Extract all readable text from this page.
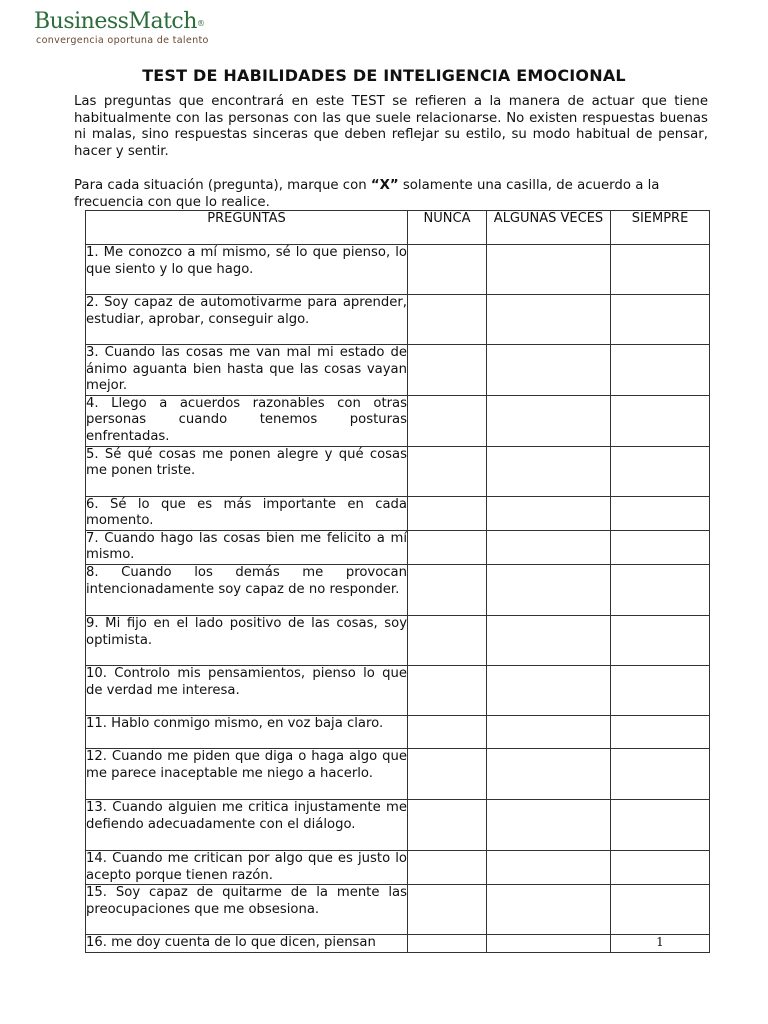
BusinessMatch®
convergencia oportuna de talento
TEST DE HABILIDADES DE INTELIGENCIA EMOCIONAL

Las preguntas que encontrará en este TEST se refieren a la manera de actuar que tiene habitualmente con las personas con las que suele relacionarse. No existen respuestas buenas ni malas, sino respuestas sinceras que deben reflejar su estilo, su modo habitual de pensar, hacer y sentir.

Para cada situación (pregunta), marque con “X” solamente una casilla, de acuerdo a la frecuencia con que lo realice.

PREGUNTAS	NUNCA	ALGUNAS VECES	SIEMPRE
1. Me conozco a mí mismo, sé lo que pienso, lo que siento y lo que hago.			
2. Soy capaz de automotivarme para aprender, estudiar, aprobar, conseguir algo.			
3. Cuando las cosas me van mal mi estado de ánimo aguanta bien hasta que las cosas vayan mejor.			
4. Llego a acuerdos razonables con otras personas cuando tenemos posturas enfrentadas.			
5. Sé qué cosas me ponen alegre y qué cosas me ponen triste.			
6. Sé lo que es más importante en cada momento.			
7. Cuando hago las cosas bien me felicito a mí mismo.			
8. Cuando los demás me provocan intencionadamente soy capaz de no responder.			
9. Mi fijo en el lado positivo de las cosas, soy optimista.			
10. Controlo mis pensamientos, pienso lo que de verdad me interesa.			
11. Hablo conmigo mismo, en voz baja claro.			
12. Cuando me piden que diga o haga algo que me parece inaceptable me niego a hacerlo.			
13. Cuando alguien me critica injustamente me defiendo adecuadamente con el diálogo.			
14. Cuando me critican por algo que es justo lo acepto porque tienen razón.			
15. Soy capaz de quitarme de la mente las preocupaciones que me obsesiona.			
16. me doy cuenta de lo que dicen, piensan			1
